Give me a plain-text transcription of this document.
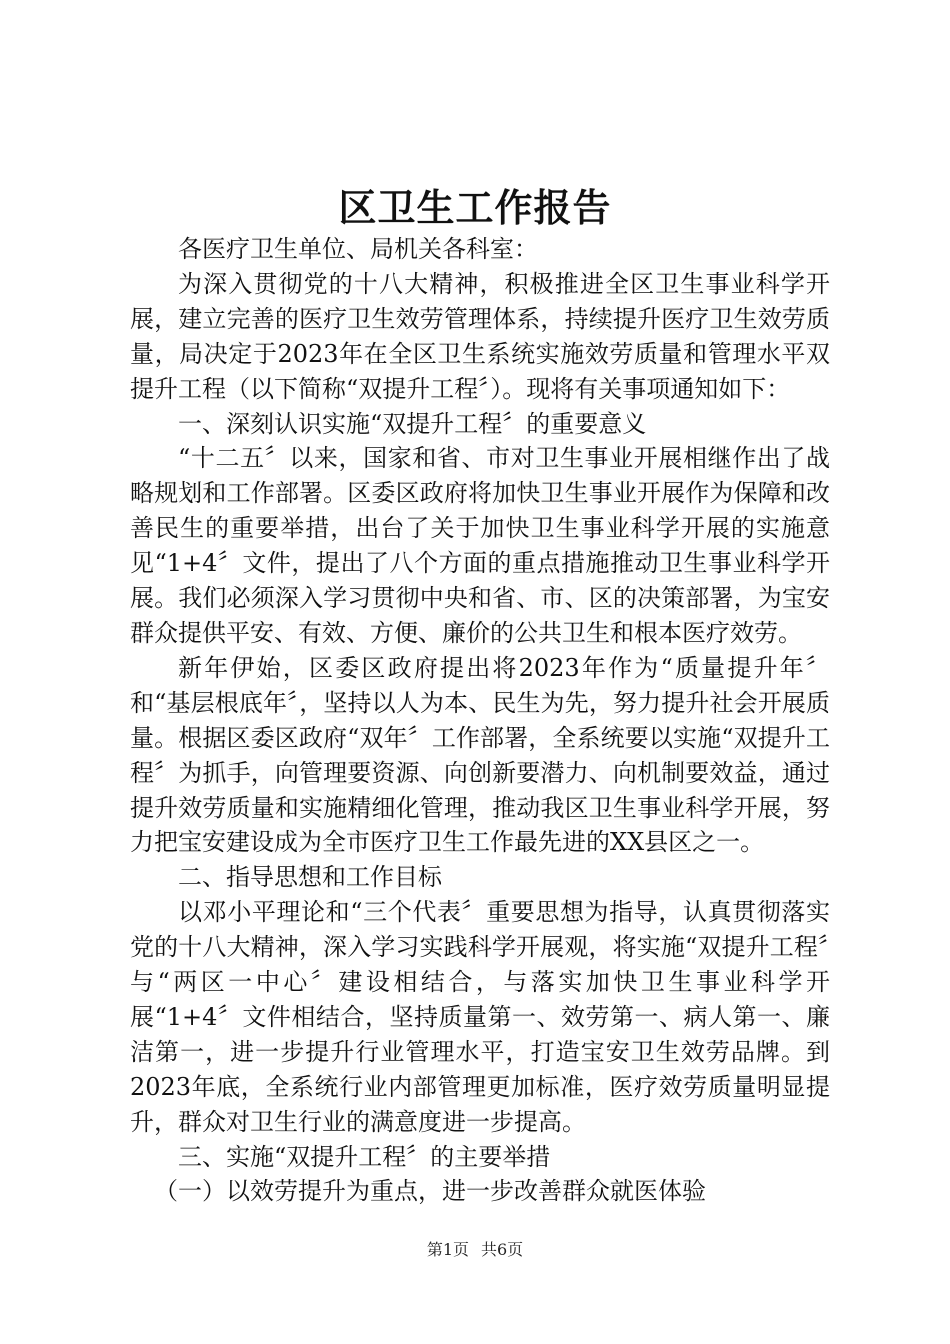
区卫生工作报告

各医疗卫生单位、局机关各科室：

为深入贯彻党的十八大精神，积极推进全区卫生事业科学开展，建立完善的医疗卫生效劳管理体系，持续提升医疗卫生效劳质量，局决定于2023年在全区卫生系统实施效劳质量和管理水平双提升工程（以下简称“双提升工程〞）。现将有关事项通知如下：

一、深刻认识实施“双提升工程〞的重要意义

“十二五〞以来，国家和省、市对卫生事业开展相继作出了战略规划和工作部署。区委区政府将加快卫生事业开展作为保障和改善民生的重要举措，出台了关于加快卫生事业科学开展的实施意见“1+4〞文件，提出了八个方面的重点措施推动卫生事业科学开展。我们必须深入学习贯彻中央和省、市、区的决策部署，为宝安群众提供平安、有效、方便、廉价的公共卫生和根本医疗效劳。

新年伊始，区委区政府提出将2023年作为“质量提升年〞和“基层根底年〞，坚持以人为本、民生为先，努力提升社会开展质量。根据区委区政府“双年〞工作部署，全系统要以实施“双提升工程〞为抓手，向管理要资源、向创新要潜力、向机制要效益，通过提升效劳质量和实施精细化管理，推动我区卫生事业科学开展，努力把宝安建设成为全市医疗卫生工作最先进的XX县区之一。

二、指导思想和工作目标

以邓小平理论和“三个代表〞重要思想为指导，认真贯彻落实党的十八大精神，深入学习实践科学开展观，将实施“双提升工程〞与“两区一中心〞建设相结合，与落实加快卫生事业科学开展“1+4〞文件相结合，坚持质量第一、效劳第一、病人第一、廉洁第一，进一步提升行业管理水平，打造宝安卫生效劳品牌。到2023年底，全系统行业内部管理更加标准，医疗效劳质量明显提升，群众对卫生行业的满意度进一步提高。

三、实施“双提升工程〞的主要举措

（一）以效劳提升为重点，进一步改善群众就医体验

第1页 共6页
